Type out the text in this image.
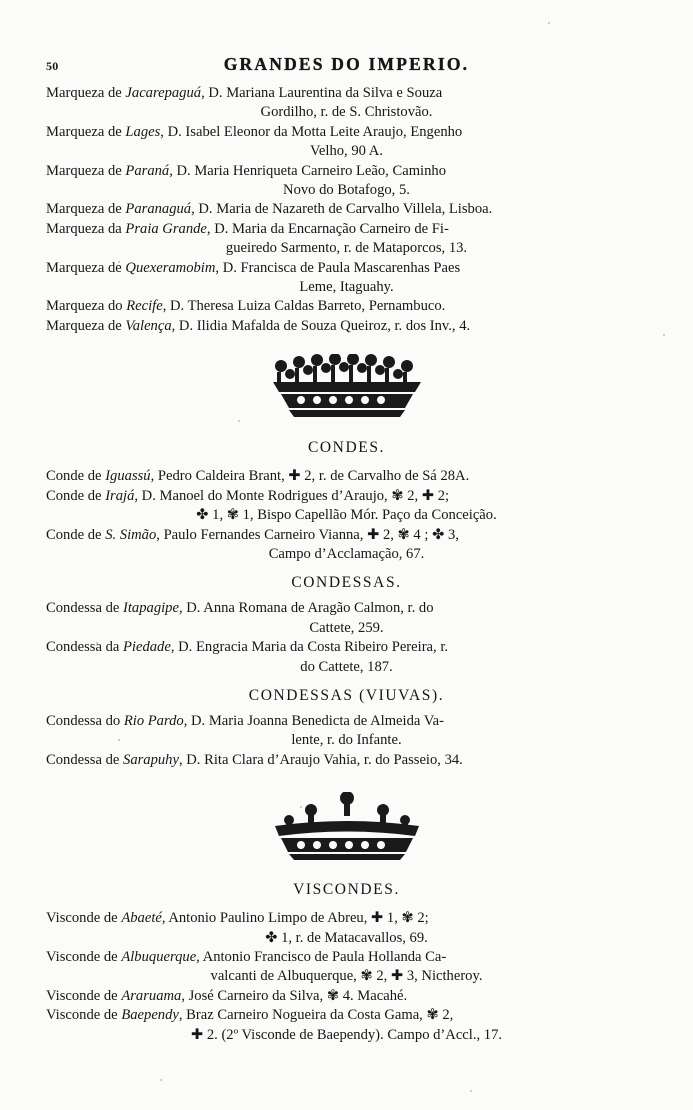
50	GRANDES DO IMPERIO.
Marqueza de Jacarepaguá, D. Mariana Laurentina da Silva e Souza
Gordilho, r. de S. Christovão.
Marqueza de Lages, D. Isabel Eleonor da Motta Leite Araujo, Engenho
Velho, 90 A.
Marqueza de Paraná, D. Maria Henriqueta Carneiro Leão, Caminho
Novo do Botafogo, 5.
Marqueza de Paranaguá, D. Maria de Nazareth de Carvalho Villela, Lisboa.
Marqueza da Praia Grande, D. Maria da Encarnação Carneiro de Fi-
gueiredo Sarmento, r. de Mataporcos, 13.
Marqueza de Quexeramobim, D. Francisca de Paula Mascarenhas Paes
Leme, Itaguahy.
Marqueza do Recife, D. Theresa Luiza Caldas Barreto, Pernambuco.
Marqueza de Valença, D. Ilidia Mafalda de Souza Queiroz, r. dos Inv., 4.
CONDES.
Conde de Iguassú, Pedro Caldeira Brant, ✚ 2, r. de Carvalho de Sá 28A.
Conde de Irajá, D. Manoel do Monte Rodrigues d’Araujo, ✾ 2, ✚ 2;
✤ 1, ✾ 1, Bispo Capellão Mór. Paço da Conceição.
Conde de S. Simão, Paulo Fernandes Carneiro Vianna, ✚ 2, ✾ 4 ; ✤ 3,
Campo d’Acclamação, 67.
CONDESSAS.
Condessa de Itapagipe, D. Anna Romana de Aragão Calmon, r. do
Cattete, 259.
Condessa da Piedade, D. Engracia Maria da Costa Ribeiro Pereira, r.
do Cattete, 187.
CONDESSAS (VIUVAS).
Condessa do Rio Pardo, D. Maria Joanna Benedicta de Almeida Va-
lente, r. do Infante.
Condessa de Sarapuhy, D. Rita Clara d’Araujo Vahia, r. do Passeio, 34.
VISCONDES.
Visconde de Abaeté, Antonio Paulino Limpo de Abreu, ✚ 1, ✾ 2;
✤ 1, r. de Matacavallos, 69.
Visconde de Albuquerque, Antonio Francisco de Paula Hollanda Ca-
valcanti de Albuquerque, ✾ 2, ✚ 3, Nictheroy.
Visconde de Araruama, José Carneiro da Silva, ✾ 4. Macahé.
Visconde de Baependy, Braz Carneiro Nogueira da Costa Gama, ✾ 2,
✚ 2. (2º Visconde de Baependy). Campo d’Accl., 17.
